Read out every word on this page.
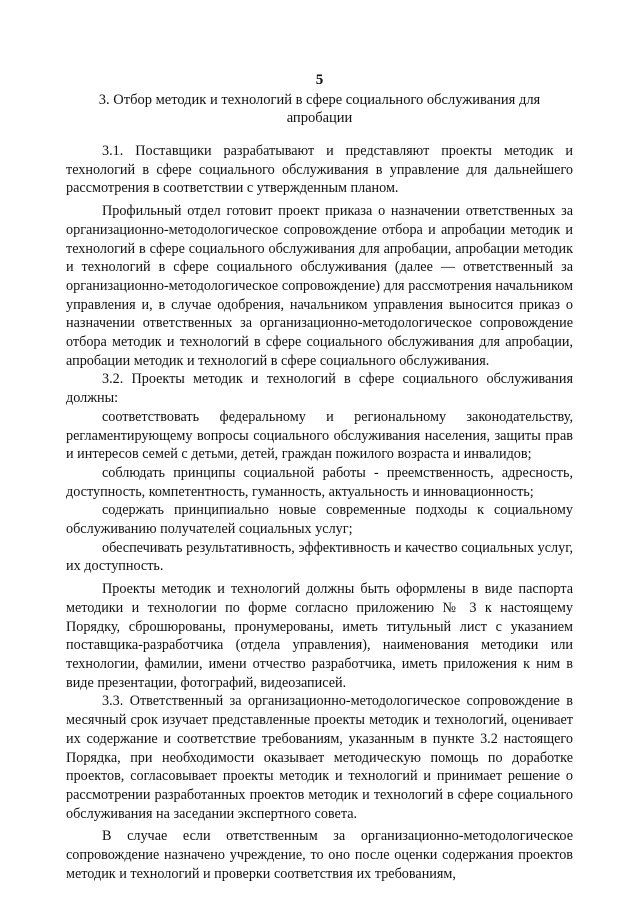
5
3. Отбор методик и технологий в сфере социального обслуживания для апробации

3.1. Поставщики разрабатывают и представляют проекты методик и технологий в сфере социального обслуживания в управление для дальнейшего рассмотрения в соответствии с утвержденным планом.

Профильный отдел готовит проект приказа о назначении ответственных за организационно-методологическое сопровождение отбора и апробации методик и технологий в сфере социального обслуживания для апробации, апробации методик и технологий в сфере социального обслуживания (далее — ответственный за организационно-методологическое сопровождение) для рассмотрения начальником управления и, в случае одобрения, начальником управления выносится приказ о назначении ответственных за организационно-методологическое сопровождение отбора методик и технологий в сфере социального обслуживания для апробации, апробации методик и технологий в сфере социального обслуживания.

3.2. Проекты методик и технологий в сфере социального обслуживания должны:

соответствовать федеральному и региональному законодательству, регламентирующему вопросы социального обслуживания населения, защиты прав и интересов семей с детьми, детей, граждан пожилого возраста и инвалидов;

соблюдать принципы социальной работы - преемственность, адресность, доступность, компетентность, гуманность, актуальность и инновационность;

содержать принципиально новые современные подходы к социальному обслуживанию получателей социальных услуг;

обеспечивать результативность, эффективность и качество социальных услуг, их доступность.

Проекты методик и технологий должны быть оформлены в виде паспорта методики и технологии по форме согласно приложению № 3 к настоящему Порядку, сброшюрованы, пронумерованы, иметь титульный лист с указанием поставщика-разработчика (отдела управления), наименования методики или технологии, фамилии, имени отчество разработчика, иметь приложения к ним в виде презентации, фотографий, видеозаписей.

3.3. Ответственный за организационно-методологическое сопровождение в месячный срок изучает представленные проекты методик и технологий, оценивает их содержание и соответствие требованиям, указанным в пункте 3.2 настоящего Порядка, при необходимости оказывает методическую помощь по доработке проектов, согласовывает проекты методик и технологий и принимает решение о рассмотрении разработанных проектов методик и технологий в сфере социального обслуживания на заседании экспертного совета.

В случае если ответственным за организационно-методологическое сопровождение назначено учреждение, то оно после оценки содержания проектов методик и технологий и проверки соответствия их требованиям,
